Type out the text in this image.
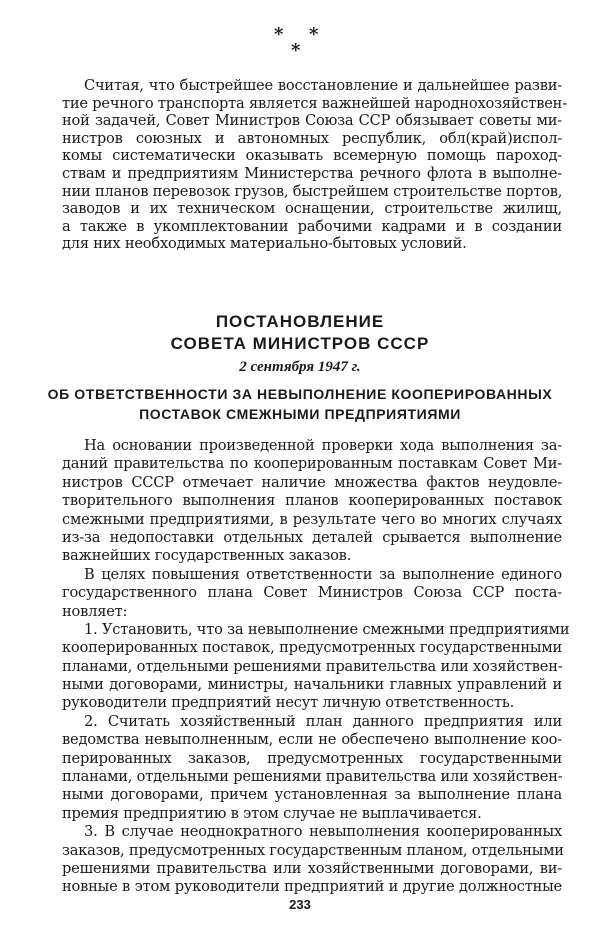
* *
*
Считая, что быстрейшее восстановление и дальнейшее разви-
тие речного транспорта является важнейшей народнохозяйствен-
ной задачей, Совет Министров Союза ССР обязывает советы ми-
нистров союзных и автономных республик, обл(край)испол-
комы систематически оказывать всемерную помощь пароход-
ствам и предприятиям Министерства речного флота в выполне-
нии планов перевозок грузов, быстрейшем строительстве портов,
заводов и их техническом оснащении, строительстве жилищ,
а также в укомплектовании рабочими кадрами и в создании
для них необходимых материально-бытовых условий.
ПОСТАНОВЛЕНИЕ
СОВЕТА МИНИСТРОВ СССР
2 сентября 1947 г.
ОБ ОТВЕТСТВЕННОСТИ ЗА НЕВЫПОЛНЕНИЕ КООПЕРИРОВАННЫХ
ПОСТАВОК СМЕЖНЫМИ ПРЕДПРИЯТИЯМИ
На основании произведенной проверки хода выполнения за-
даний правительства по кооперированным поставкам Совет Ми-
нистров СССР отмечает наличие множества фактов неудовле-
творительного выполнения планов кооперированных поставок
смежными предприятиями, в результате чего во многих случаях
из-за недопоставки отдельных деталей срывается выполнение
важнейших государственных заказов.
В целях повышения ответственности за выполнение единого
государственного плана Совет Министров Союза ССР поста-
новляет:
1. Установить, что за невыполнение смежными предприятиями
кооперированных поставок, предусмотренных государственными
планами, отдельными решениями правительства или хозяйствен-
ными договорами, министры, начальники главных управлений и
руководители предприятий несут личную ответственность.
2. Считать хозяйственный план данного предприятия или
ведомства невыполненным, если не обеспечено выполнение коо-
перированных заказов, предусмотренных государственными
планами, отдельными решениями правительства или хозяйствен-
ными договорами, причем установленная за выполнение плана
премия предприятию в этом случае не выплачивается.
3. В случае неоднократного невыполнения кооперированных
заказов, предусмотренных государственным планом, отдельными
решениями правительства или хозяйственными договорами, ви-
новные в этом руководители предприятий и другие должностные
233
